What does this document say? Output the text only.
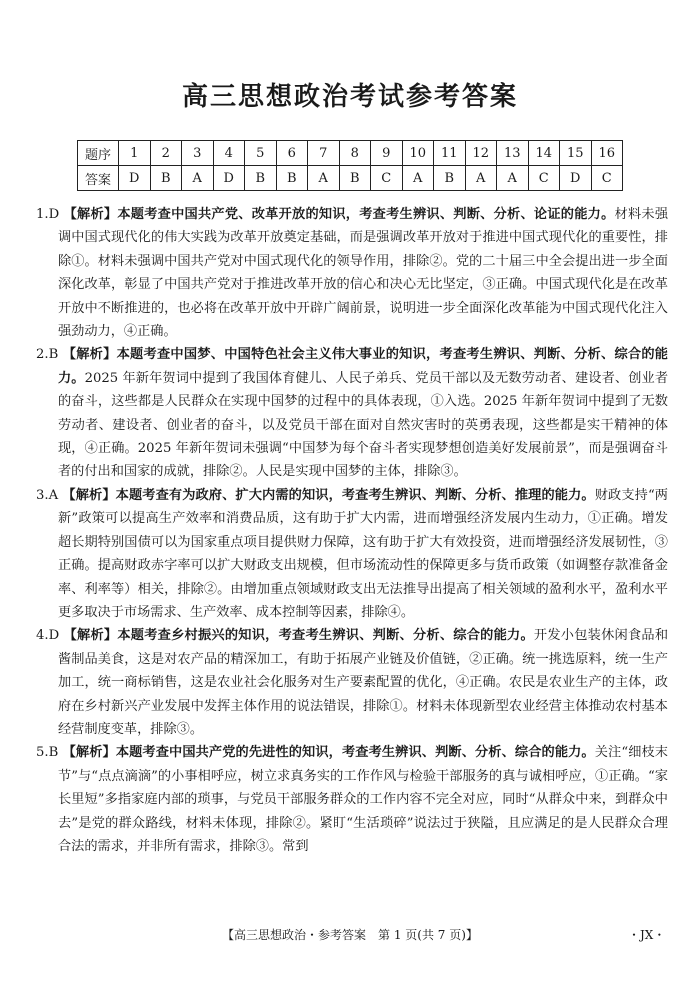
高三思想政治考试参考答案
题序	1	2	3	4	5	6	7	8	9	10	11	12	13	14	15	16
答案	D	B	A	D	B	B	A	B	C	A	B	A	A	C	D	C

1.D 【解析】本题考查中国共产党、改革开放的知识，考查考生辨识、判断、分析、论证的能力。材料未强调中国式现代化的伟大实践为改革开放奠定基础，而是强调改革开放对于推进中国式现代化的重要性，排除①。材料未强调中国共产党对中国式现代化的领导作用，排除②。党的二十届三中全会提出进一步全面深化改革，彰显了中国共产党对于推进改革开放的信心和决心无比坚定，③正确。中国式现代化是在改革开放中不断推进的，也必将在改革开放中开辟广阔前景，说明进一步全面深化改革能为中国式现代化注入强劲动力，④正确。

2.B 【解析】本题考查中国梦、中国特色社会主义伟大事业的知识，考查考生辨识、判断、分析、综合的能力。2025 年新年贺词中提到了我国体育健儿、人民子弟兵、党员干部以及无数劳动者、建设者、创业者的奋斗，这些都是人民群众在实现中国梦的过程中的具体表现，①入选。2025 年新年贺词中提到了无数劳动者、建设者、创业者的奋斗，以及党员干部在面对自然灾害时的英勇表现，这些都是实干精神的体现，④正确。2025 年新年贺词未强调“中国梦为每个奋斗者实现梦想创造美好发展前景”，而是强调奋斗者的付出和国家的成就，排除②。人民是实现中国梦的主体，排除③。

3.A 【解析】本题考查有为政府、扩大内需的知识，考查考生辨识、判断、分析、推理的能力。财政支持“两新”政策可以提高生产效率和消费品质，这有助于扩大内需，进而增强经济发展内生动力，①正确。增发超长期特别国债可以为国家重点项目提供财力保障，这有助于扩大有效投资，进而增强经济发展韧性，③正确。提高财政赤字率可以扩大财政支出规模，但市场流动性的保障更多与货币政策（如调整存款准备金率、利率等）相关，排除②。由增加重点领域财政支出无法推导出提高了相关领域的盈利水平，盈利水平更多取决于市场需求、生产效率、成本控制等因素，排除④。

4.D 【解析】本题考查乡村振兴的知识，考查考生辨识、判断、分析、综合的能力。开发小包装休闲食品和酱制品美食，这是对农产品的精深加工，有助于拓展产业链及价值链，②正确。统一挑选原料，统一生产加工，统一商标销售，这是农业社会化服务对生产要素配置的优化，④正确。农民是农业生产的主体，政府在乡村新兴产业发展中发挥主体作用的说法错误，排除①。材料未体现新型农业经营主体推动农村基本经营制度变革，排除③。

5.B 【解析】本题考查中国共产党的先进性的知识，考查考生辨识、判断、分析、综合的能力。关注“细枝末节”与“点点滴滴”的小事相呼应，树立求真务实的工作作风与检验干部服务的真与诚相呼应，①正确。“家长里短”多指家庭内部的琐事，与党员干部服务群众的工作内容不完全对应，同时“从群众中来，到群众中去”是党的群众路线，材料未体现，排除②。紧盯“生活琐碎”说法过于狭隘，且应满足的是人民群众合理合法的需求，并非所有需求，排除③。常到

【高三思想政治・参考答案　第 1 页(共 7 页)】	・JX・
